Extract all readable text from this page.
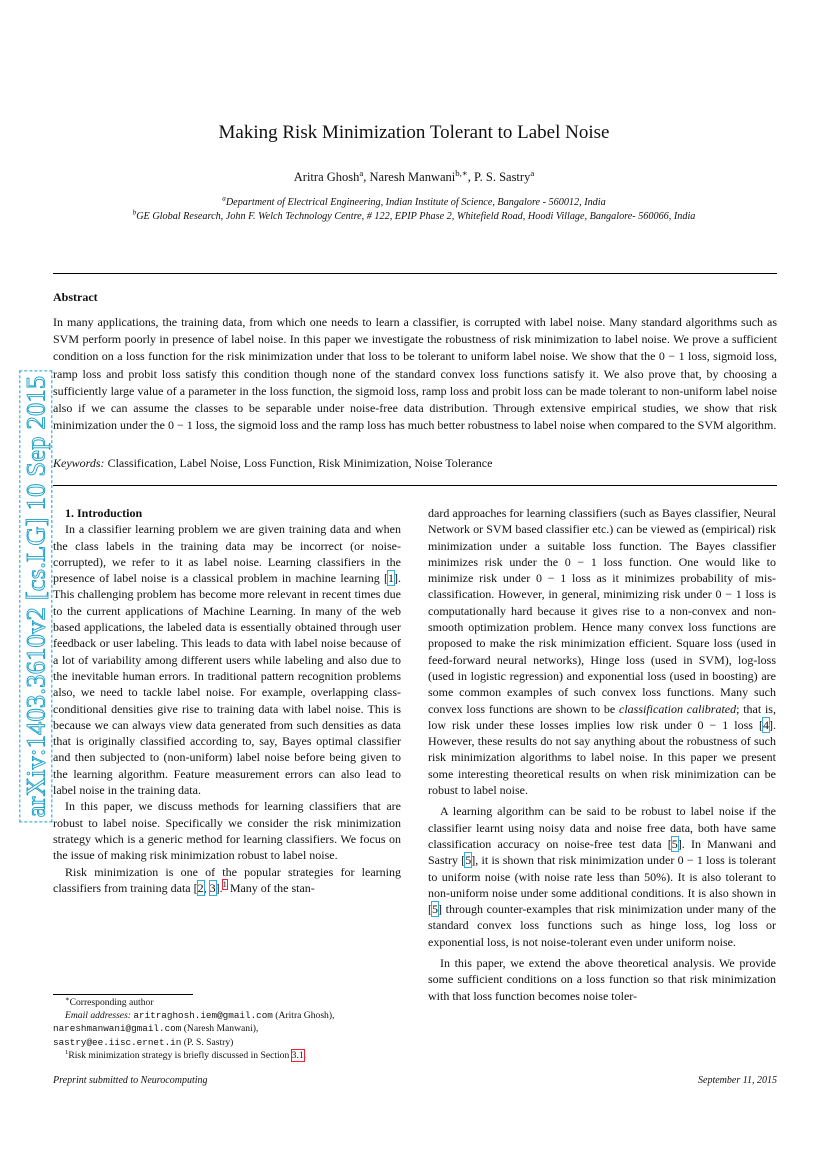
arXiv:1403.3610v2 [cs.LG] 10 Sep 2015
Making Risk Minimization Tolerant to Label Noise
Aritra Ghosh$^a$, Naresh Manwani$^{b,∗}$, P. S. Sastry$^a$
$^a$Department of Electrical Engineering, Indian Institute of Science, Bangalore - 560012, India
$^b$GE Global Research, John F. Welch Technology Centre, # 122, EPIP Phase 2, Whitefield Road, Hoodi Village, Bangalore- 560066, India
Abstract
In many applications, the training data, from which one needs to learn a classifier, is corrupted with label noise. Many standard algorithms such as SVM perform poorly in presence of label noise. In this paper we investigate the robustness of risk minimization to label noise. We prove a sufficient condition on a loss function for the risk minimization under that loss to be tolerant to uniform label noise. We show that the 0 − 1 loss, sigmoid loss, ramp loss and probit loss satisfy this condition though none of the standard convex loss functions satisfy it. We also prove that, by choosing a sufficiently large value of a parameter in the loss function, the sigmoid loss, ramp loss and probit loss can be made tolerant to non-uniform label noise also if we can assume the classes to be separable under noise-free data distribution. Through extensive empirical studies, we show that risk minimization under the 0 − 1 loss, the sigmoid loss and the ramp loss has much better robustness to label noise when compared to the SVM algorithm.
Keywords: Classification, Label Noise, Loss Function, Risk Minimization, Noise Tolerance

1. Introduction

In a classifier learning problem we are given training data and when the class labels in the training data may be incorrect (or noise-corrupted), we refer to it as label noise. Learning classifiers in the presence of label noise is a classical problem in machine learning [1]. This challenging problem has become more relevant in recent times due to the current applications of Machine Learning. In many of the web based applications, the labeled data is essentially obtained through user feedback or user labeling. This leads to data with label noise because of a lot of variability among different users while labeling and also due to the inevitable human errors. In traditional pattern recognition problems also, we need to tackle label noise. For example, overlapping class-conditional densities give rise to training data with label noise. This is because we can always view data generated from such densities as data that is originally classified according to, say, Bayes optimal classifier and then subjected to (non-uniform) label noise before being given to the learning algorithm. Feature measurement errors can also lead to label noise in the training data.

In this paper, we discuss methods for learning classifiers that are robust to label noise. Specifically we consider the risk minimization strategy which is a generic method for learning classifiers. We focus on the issue of making risk minimization robust to label noise.

Risk minimization is one of the popular strategies for learning classifiers from training data [2, 3].$^1$ Many of the stan-

dard approaches for learning classifiers (such as Bayes classifier, Neural Network or SVM based classifier etc.) can be viewed as (empirical) risk minimization under a suitable loss function. The Bayes classifier minimizes risk under the 0 − 1 loss function. One would like to minimize risk under 0 − 1 loss as it minimizes probability of mis-classification. However, in general, minimizing risk under 0 − 1 loss is computationally hard because it gives rise to a non-convex and non-smooth optimization problem. Hence many convex loss functions are proposed to make the risk minimization efficient. Square loss (used in feed-forward neural networks), Hinge loss (used in SVM), log-loss (used in logistic regression) and exponential loss (used in boosting) are some common examples of such convex loss functions. Many such convex loss functions are shown to be classification calibrated; that is, low risk under these losses implies low risk under 0 − 1 loss [4]. However, these results do not say anything about the robustness of such risk minimization algorithms to label noise. In this paper we present some interesting theoretical results on when risk minimization can be robust to label noise.

A learning algorithm can be said to be robust to label noise if the classifier learnt using noisy data and noise free data, both have same classification accuracy on noise-free test data [5]. In Manwani and Sastry [5], it is shown that risk minimization under 0 − 1 loss is tolerant to uniform noise (with noise rate less than 50%). It is also tolerant to non-uniform noise under some additional conditions. It is also shown in [5] through counter-examples that risk minimization under many of the standard convex loss functions such as hinge loss, log loss or exponential loss, is not noise-tolerant even under uniform noise.

In this paper, we extend the above theoretical analysis. We provide some sufficient conditions on a loss function so that risk minimization with that loss function becomes noise toler-

∗Corresponding author
Email addresses: aritraghosh.iem@gmail.com (Aritra Ghosh),
nareshmanwani@gmail.com (Naresh Manwani),
sastry@ee.iisc.ernet.in (P. S. Sastry)
$^1$Risk minimization strategy is briefly discussed in Section 3.1.
Preprint submitted to Neurocomputing	September 11, 2015
